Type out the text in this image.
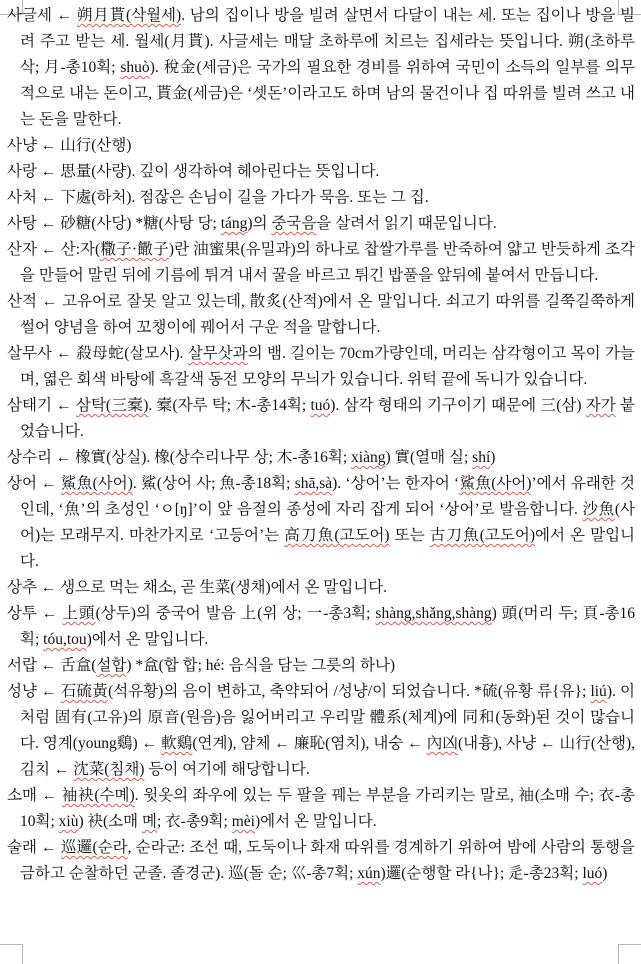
사글세 ← 朔月貰(삭월세). 남의 집이나 방을 빌려 살면서 다달이 내는 세. 또는 집이나 방을 빌려 주고 받는 세. 월세(月貰). 사글세는 매달 초하루에 치르는 집세라는 뜻입니다. 朔(초하루 삭; 月-총10획; shuò). 稅金(세금)은 국가의 필요한 경비를 위하여 국민이 소득의 일부를 의무적으로 내는 돈이고, 貰金(세금)은 ‘셋돈’이라고도 하며 남의 물건이나 집 따위를 빌려 쓰고 내는 돈을 말한다.

사냥 ← 山行(산행)

사랑 ← 思量(사량). 깊이 생각하여 헤아린다는 뜻입니다.

사처 ← 下處(하처). 점잖은 손님이 길을 가다가 묵음. 또는 그 집.

사탕 ← 砂糖(사당) *糖(사탕 당; táng)의 중국음을 살려서 읽기 때문입니다.

산자 ← 산:자(糤子·饊子)란 油蜜果(유밀과)의 하나로 찹쌀가루를 반죽하여 얇고 반듯하게 조각을 만들어 말린 뒤에 기름에 튀겨 내서 꿀을 바르고 튀긴 밥풀을 앞뒤에 붙여서 만듭니다.

산적 ← 고유어로 잘못 알고 있는데, 散炙(산적)에서 온 말입니다. 쇠고기 따위를 길쭉길쭉하게 썰어 양념을 하여 꼬챙이에 꿰어서 구운 적을 말합니다.

살무사 ← 殺母蛇(살모사). 살무삿과의 뱀. 길이는 70cm가량인데, 머리는 삼각형이고 목이 가늘며, 엷은 회색 바탕에 흑갈색 동전 모양의 무늬가 있습니다. 위턱 끝에 독니가 있습니다.

삼태기 ← 삼탁(三槖). 槖(자루 탁; 木-총14획; tuó). 삼각 형태의 기구이기 때문에 三(삼) 자가 붙었습니다.

상수리 ← 橡實(상실). 橡(상수리나무 상; 木-총16획; xiàng) 實(열매 실; shí)

상어 ← 鯊魚(사어). 鯊(상어 사; 魚-총18획; shā,sà). ‘상어’는 한자어 ‘鯊魚(사어)’에서 유래한 것인데, ‘魚’의 초성인 ‘ㅇ[ŋ]’이 앞 음절의 종성에 자리 잡게 되어 ‘상어’로 발음합니다. 沙魚(사어)는 모래무지. 마찬가지로 ‘고등어’는 高刀魚(고도어) 또는 古刀魚(고도어)에서 온 말입니다.

상추 ← 생으로 먹는 채소, 곧 生菜(생채)에서 온 말입니다.

상투 ← 上頭(상두)의 중국어 발음 上(위 상; 一-총3획; shàng,shǎng,shàng) 頭(머리 두; 頁-총16획; tóu,tou)에서 온 말입니다.

서랍 ← 舌盒(설합) *盒(합 합; hé: 음식을 담는 그릇의 하나)

성냥 ← 石硫黃(석유황)의 음이 변하고, 축약되어 /성냥/이 되었습니다. *硫(유황 류{유}; liú). 이처럼 固有(고유)의 原音(원음)음 잃어버리고 우리말 體系(체계)에 同和(동화)된 것이 많습니다. 영계(young鷄) ← 軟鷄(연계), 얌체 ← 廉恥(염치), 내숭 ← 內凶(내흉), 사냥 ← 山行(산행), 김치 ← 沈菜(침채) 등이 여기에 해당합니다.

소매 ← 袖袂(수몌). 윗옷의 좌우에 있는 두 팔을 꿰는 부분을 가리키는 말로, 袖(소매 수; 衣-총10획; xiù) 袂(소매 몌; 衣-총9획; mèi)에서 온 말입니다.

술래 ← 巡邏(순라, 순라군: 조선 때, 도둑이나 화재 따위를 경계하기 위하여 밤에 사람의 통행을 금하고 순찰하던 군졸. 졸경군). 巡(돌 순; 巛-총7획; xún)邏(순행할 라{나}; 辵-총23획; luó)
